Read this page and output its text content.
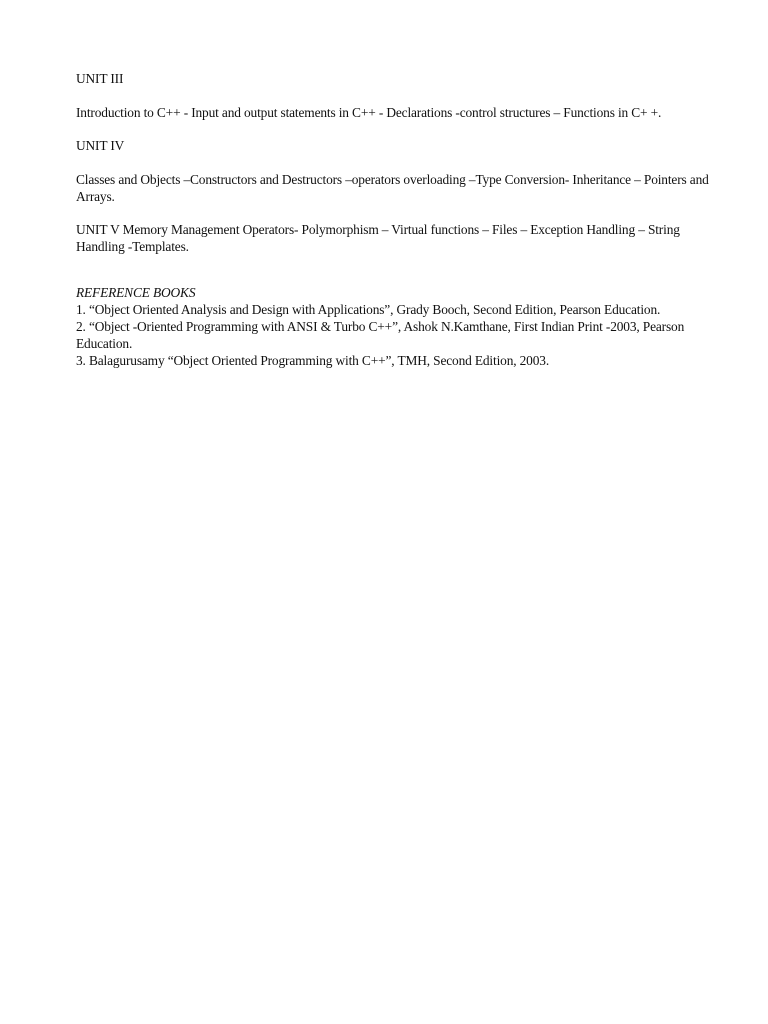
UNIT III

Introduction to C++ - Input and output statements in C++ - Declarations -control structures – Functions in C+ +.

UNIT IV

Classes and Objects –Constructors and Destructors –operators overloading –Type Conversion- Inheritance – Pointers and Arrays.

UNIT V Memory Management Operators- Polymorphism – Virtual functions – Files – Exception Handling – String Handling -Templates.

REFERENCE BOOKS

1. “Object Oriented Analysis and Design with Applications”, Grady Booch, Second Edition, Pearson Education.

2. “Object -Oriented Programming with ANSI & Turbo C++”, Ashok N.Kamthane, First Indian Print -2003, Pearson Education.

3. Balagurusamy “Object Oriented Programming with C++”, TMH, Second Edition, 2003.
